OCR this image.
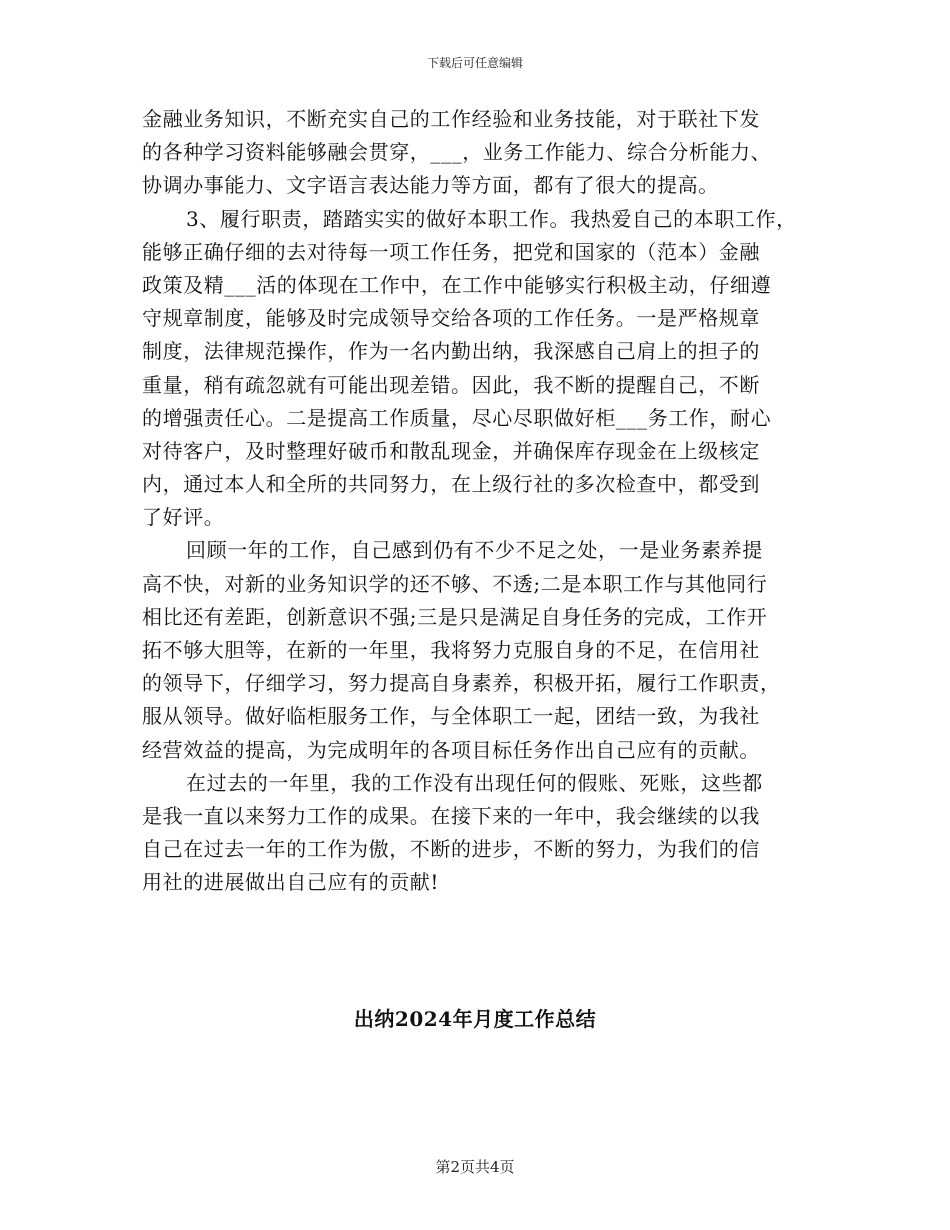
下载后可任意编辑
金融业务知识，不断充实自己的工作经验和业务技能，对于联社下发
的各种学习资料能够融会贯穿，___，业务工作能力、综合分析能力、
协调办事能力、文字语言表达能力等方面，都有了很大的提高。
3、履行职责，踏踏实实的做好本职工作。我热爱自己的本职工作，
能够正确仔细的去对待每一项工作任务，把党和国家的（范本）金融
政策及精___活的体现在工作中，在工作中能够实行积极主动，仔细遵
守规章制度，能够及时完成领导交给各项的工作任务。一是严格规章
制度，法律规范操作，作为一名内勤出纳，我深感自己肩上的担子的
重量，稍有疏忽就有可能出现差错。因此，我不断的提醒自己，不断
的增强责任心。二是提高工作质量，尽心尽职做好柜___务工作，耐心
对待客户，及时整理好破币和散乱现金，并确保库存现金在上级核定
内，通过本人和全所的共同努力，在上级行社的多次检查中，都受到
了好评。
回顾一年的工作，自己感到仍有不少不足之处，一是业务素养提
高不快，对新的业务知识学的还不够、不透;二是本职工作与其他同行
相比还有差距，创新意识不强;三是只是满足自身任务的完成，工作开
拓不够大胆等，在新的一年里，我将努力克服自身的不足，在信用社
的领导下，仔细学习，努力提高自身素养，积极开拓，履行工作职责，
服从领导。做好临柜服务工作，与全体职工一起，团结一致，为我社
经营效益的提高，为完成明年的各项目标任务作出自己应有的贡献。
在过去的一年里，我的工作没有出现任何的假账、死账，这些都
是我一直以来努力工作的成果。在接下来的一年中，我会继续的以我
自己在过去一年的工作为傲，不断的进步，不断的努力，为我们的信
用社的进展做出自己应有的贡献!
出纳2024年月度工作总结
第2页共4页
